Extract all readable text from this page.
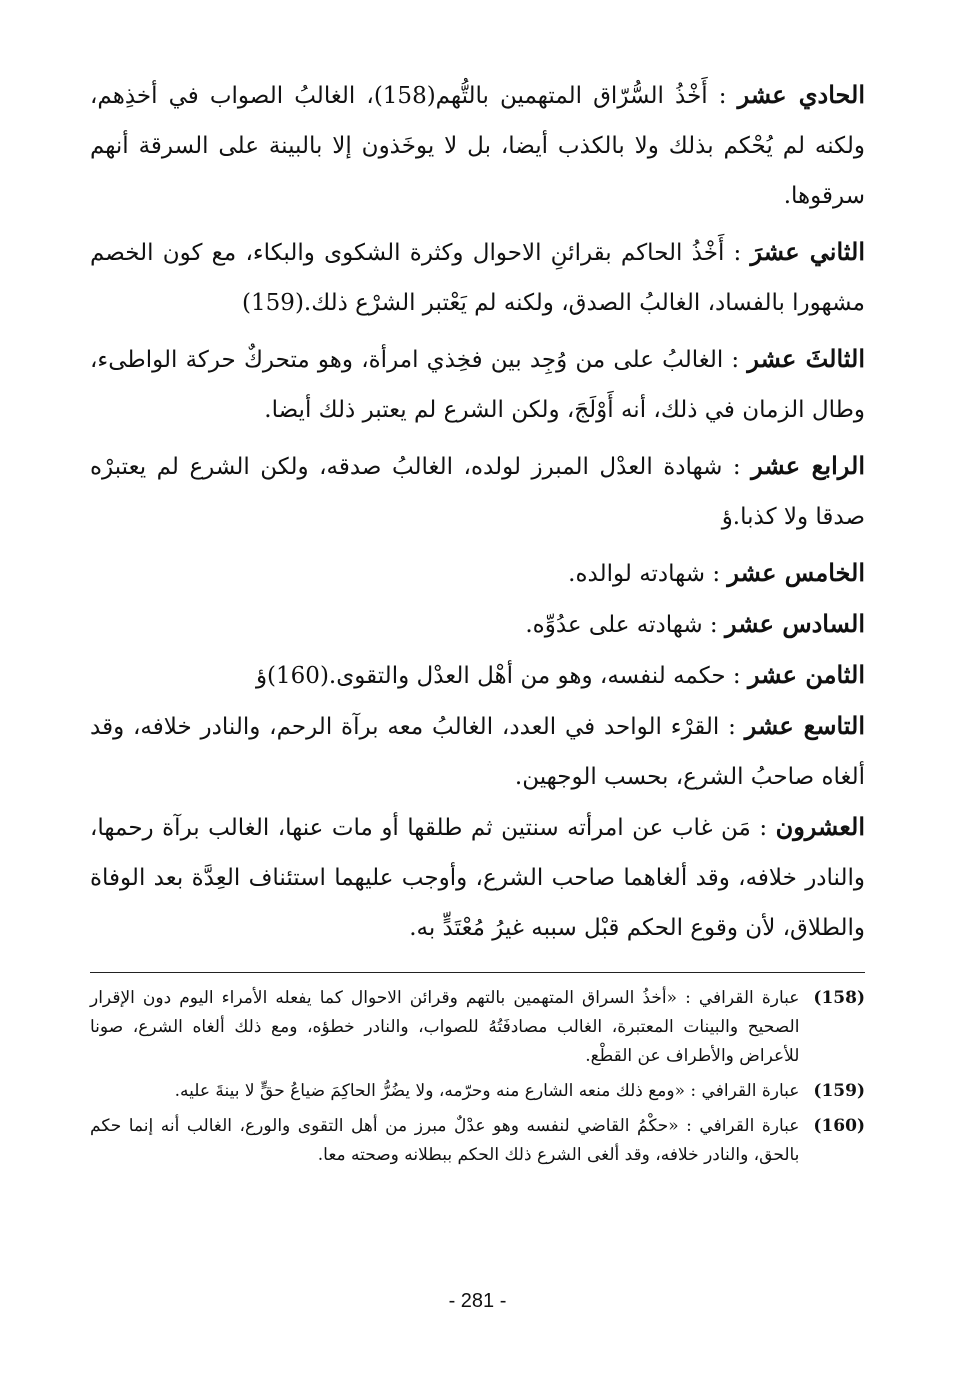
الحادي عشر : أَخْذُ السُّرّاق المتهمين بالتُّهم(158)، الغالبُ الصواب في أخذِهم، ولكنه لم يُحْكم بذلك ولا بالكذب أيضا، بل لا يوخَذون إلا بالبينة على السرقة أنهم سرقوها.

الثاني عشرَ : أَخْذُ الحاكم بقرائنِ الاحوال وكثرة الشكوى والبكاء، مع كون الخصم مشهورا بالفساد، الغالبُ الصدق، ولكنه لم يَعْتبر الشرْع ذلك.(159)

الثالثَ عشر : الغالبُ على من وُجِد بين فخِذي امرأة، وهو متحركٌ حركة الواطىء، وطال الزمان في ذلك، أنه أَوْلَجَ، ولكن الشرع لم يعتبر ذلك أيضا.

الرابع عشر : شهادة العدْل المبرز لولده، الغالبُ صدقه، ولكن الشرع لم يعتبرْه صدقا ولا كذبا.ؤ

الخامس عشر : شهادته لوالده.

السادس عشر : شهادته على عدُوِّه.

الثامن عشر : حكمه لنفسه، وهو من أهْل العدْل والتقوى.(160)ؤ

التاسع عشر : القرْء الواحد في العدد، الغالبُ معه برآة الرحم، والنادر خلافه، وقد ألغاه صاحبُ الشرع، بحسب الوجهين.

العشرون : مَن غاب عن امرأته سنتين ثم طلقها أو مات عنها، الغالب برآة رحمها، والنادر خلافه، وقد ألغاهما صاحب الشرع، وأوجب عليهما استئناف العِدَّة بعد الوفاة والطلاق، لأن وقوع الحكم قبْل سببه غيرُ مُعْتَدٍّ به.

(158)
عبارة القرافي : «أخذُ السراق المتهمين بالتهم وقرائن الاحوال كما يفعله الأمراء اليوم دون الإقرار الصحيح والبينات المعتبرة، الغالب مصادفَتُهُ للصواب، والنادر خطؤه، ومع ذلك ألغاه الشرع، صونا للأعراض والأطراف عن القطْع.
(159)
عبارة القرافي : «ومع ذلك منعه الشارع منه وحرّمه، ولا يضُرُّ الحاكِمَ ضياعُ حقٍّ لا بينةَ عليه.
(160)
عبارة القرافي : «حكْمُ القاضي لنفسه وهو عدْلٌ مبرز من أهل التقوى والورع، الغالب أنه إنما حكم بالحق، والنادر خلافه، وقد ألغى الشرع ذلك الحكم ببطلانه وصحته معا.
- 281 -
